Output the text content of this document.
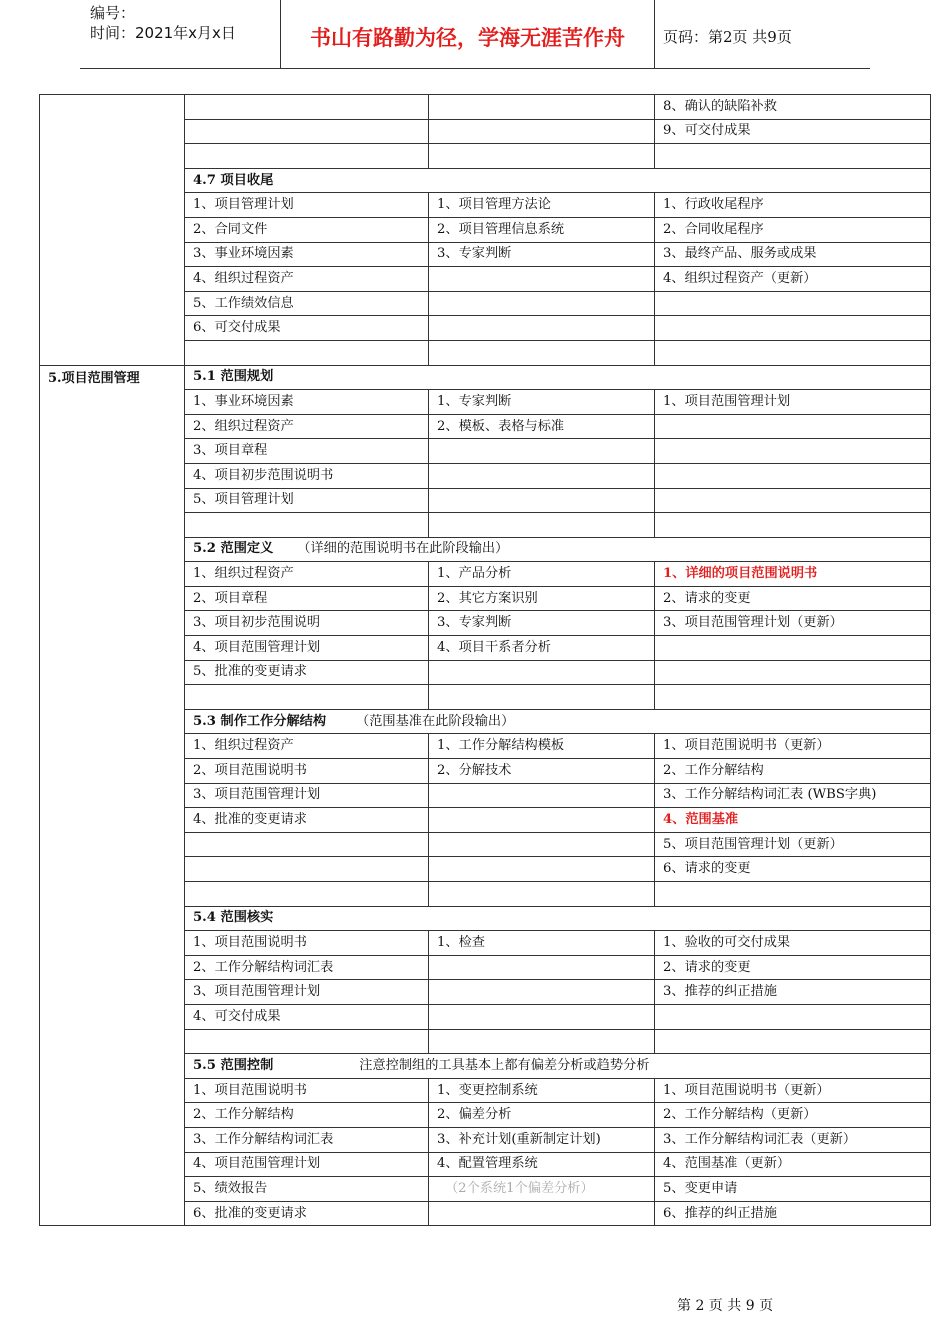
编号：
时间：2021年x月x日	书山有路勤为径，学海无涯苦作舟	页码：第2页 共9页
			8、确认的缺陷补救
			9、可交付成果

	4.7 项目收尾		
	1、项目管理计划	1、项目管理方法论	1、行政收尾程序
	2、合同文件	2、项目管理信息系统	2、合同收尾程序
	3、事业环境因素	3、专家判断	3、最终产品、服务或成果
	4、组织过程资产		4、组织过程资产（更新）
	5、工作绩效信息		
	6、可交付成果		

5.项目范围管理	5.1 范围规划		
	1、事业环境因素	1、专家判断	1、项目范围管理计划
	2、组织过程资产	2、模板、表格与标准	
	3、项目章程		
	4、项目初步范围说明书		
	5、项目管理计划		

	5.2 范围定义 （详细的范围说明书在此阶段输出）		
	1、组织过程资产	1、产品分析	1、详细的项目范围说明书
	2、项目章程	2、其它方案识别	2、请求的变更
	3、项目初步范围说明	3、专家判断	3、项目范围管理计划（更新）
	4、项目范围管理计划	4、项目干系者分析	
	5、批准的变更请求		

	5.3 制作工作分解结构 （范围基准在此阶段输出）		
	1、组织过程资产	1、工作分解结构模板	1、项目范围说明书（更新）
	2、项目范围说明书	2、分解技术	2、工作分解结构
	3、项目范围管理计划		3、工作分解结构词汇表 (WBS字典)
	4、批准的变更请求		4、范围基准
			5、项目范围管理计划（更新）
			6、请求的变更

	5.4 范围核实		
	1、项目范围说明书	1、检查	1、验收的可交付成果
	2、工作分解结构词汇表		2、请求的变更
	3、项目范围管理计划		3、推荐的纠正措施
	4、可交付成果		

	5.5 范围控制 注意控制组的工具基本上都有偏差分析或趋势分析		
	1、项目范围说明书	1、变更控制系统	1、项目范围说明书（更新）
	2、工作分解结构	2、偏差分析	2、工作分解结构（更新）
	3、工作分解结构词汇表	3、补充计划(重新制定计划)	3、工作分解结构词汇表（更新）
	4、项目范围管理计划	4、配置管理系统	4、范围基准（更新）
	5、绩效报告	（2个系统1个偏差分析）	5、变更申请
	6、批准的变更请求		6、推荐的纠正措施
第 2 页 共 9 页
